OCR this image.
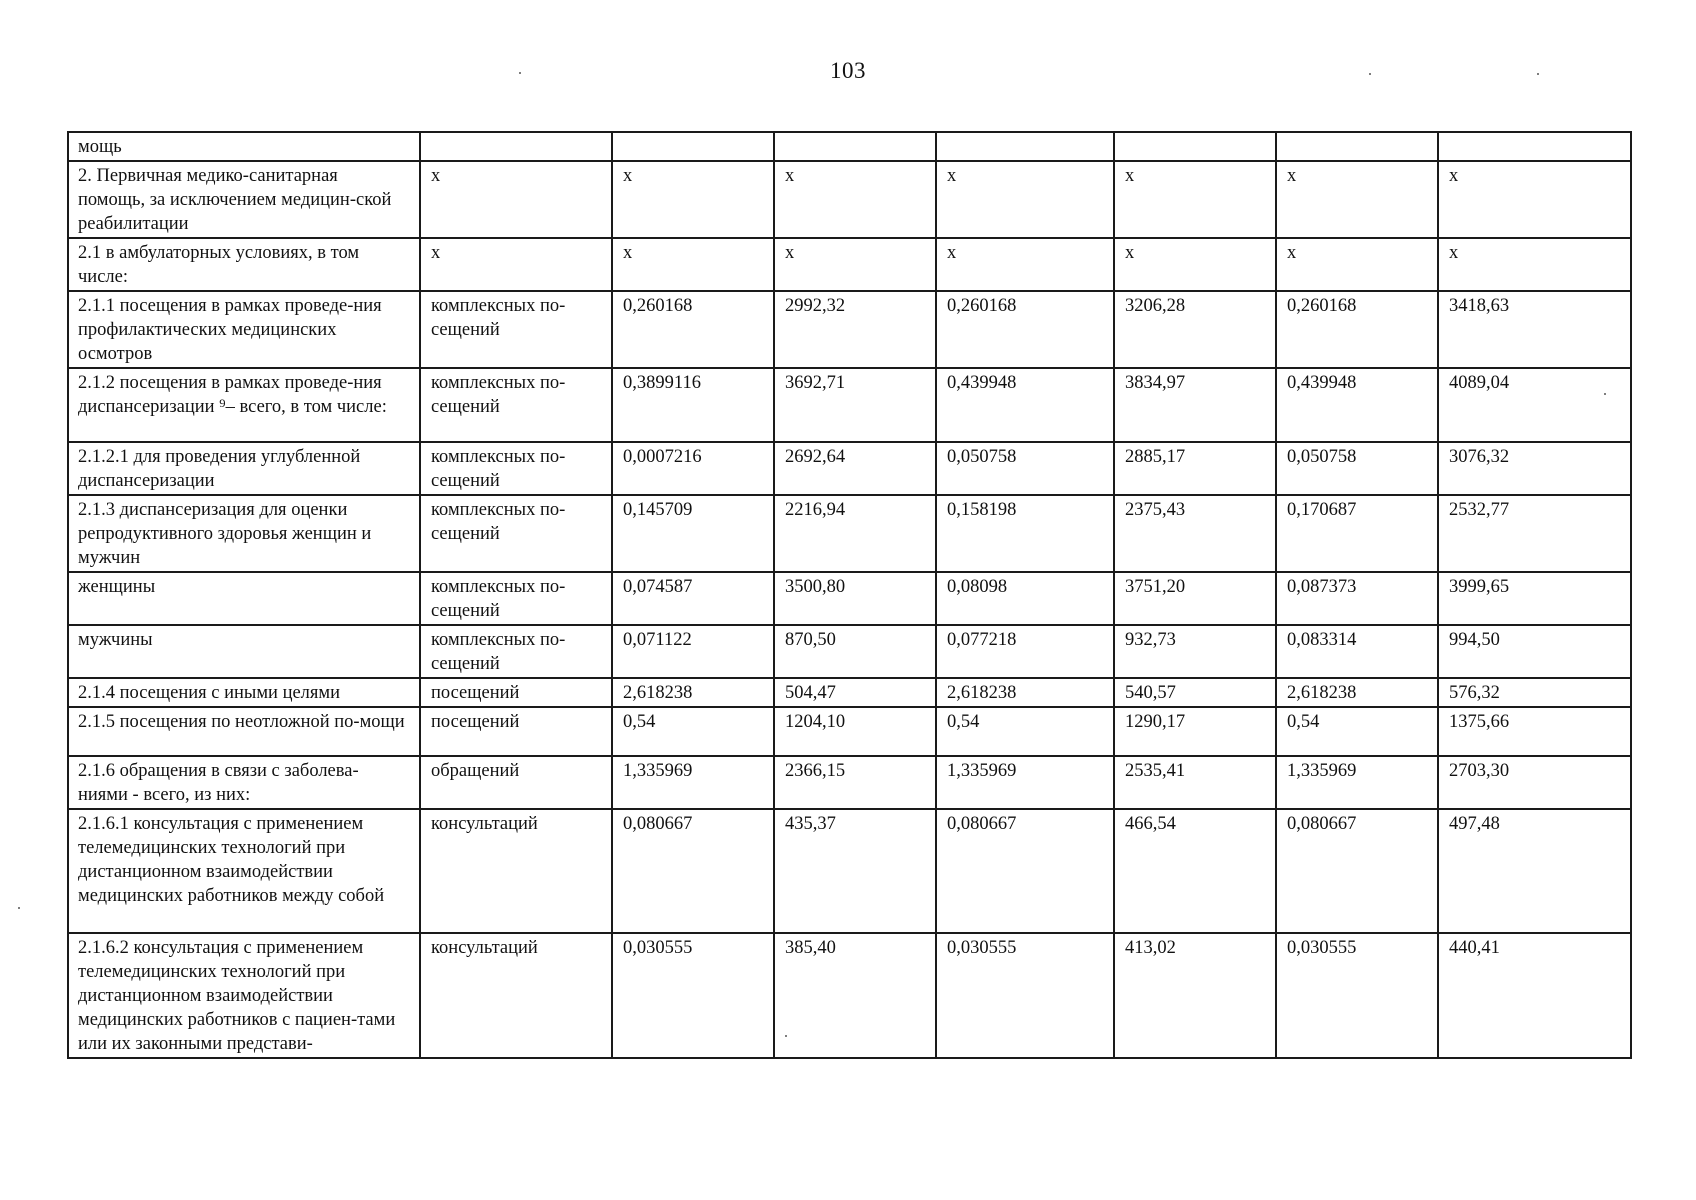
103
мощь							
2. Первичная медико-санитарная помощь, за исключением медицин-ской реабилитации	х	х	х	х	х	х	х
2.1 в амбулаторных условиях, в том числе:	х	х	х	х	х	х	х
2.1.1 посещения в рамках проведе-ния профилактических медицинских осмотров	комплексных по-сещений	0,260168	2992,32	0,260168	3206,28	0,260168	3418,63
2.1.2 посещения в рамках проведе-ния диспансеризации ⁹– всего, в том числе:	комплексных по-сещений	0,3899116	3692,71	0,439948	3834,97	0,439948	4089,04
2.1.2.1 для проведения углубленной диспансеризации	комплексных по-сещений	0,0007216	2692,64	0,050758	2885,17	0,050758	3076,32
2.1.3 диспансеризация для оценки репродуктивного здоровья женщин и мужчин	комплексных по-сещений	0,145709	2216,94	0,158198	2375,43	0,170687	2532,77
женщины	комплексных по-сещений	0,074587	3500,80	0,08098	3751,20	0,087373	3999,65
мужчины	комплексных по-сещений	0,071122	870,50	0,077218	932,73	0,083314	994,50
2.1.4 посещения с иными целями	посещений	2,618238	504,47	2,618238	540,57	2,618238	576,32
2.1.5 посещения по неотложной по-мощи	посещений	0,54	1204,10	0,54	1290,17	0,54	1375,66
2.1.6 обращения в связи с заболева-ниями - всего, из них:	обращений	1,335969	2366,15	1,335969	2535,41	1,335969	2703,30
2.1.6.1 консультация с применением телемедицинских технологий при дистанционном взаимодействии медицинских работников между собой	консультаций	0,080667	435,37	0,080667	466,54	0,080667	497,48
2.1.6.2 консультация с применением телемедицинских технологий при дистанционном взаимодействии медицинских работников с пациен-тами или их законными представи-	консультаций	0,030555	385,40	0,030555	413,02	0,030555	440,41
